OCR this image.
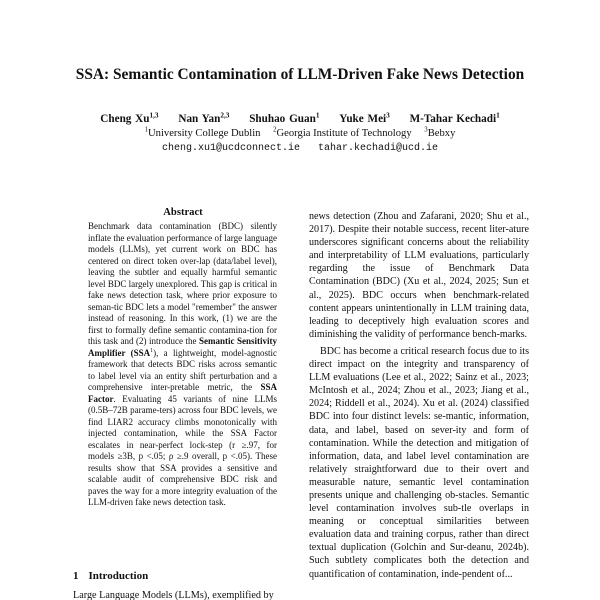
SSA: Semantic Contamination of LLM-Driven Fake News Detection
Cheng Xu$^{1,3}$ Nan Yan$^{2,3}$ Shuhao Guan$^1$ Yuke Mei$^3$ M-Tahar Kechadi$^1$
$^1$University College Dublin $^2$Georgia Institute of Technology $^3$Bebxy
cheng.xu1@ucdconnect.ie tahar.kechadi@ucd.ie
Abstract
Benchmark data contamination (BDC) silently inflate the evaluation performance of large language models (LLMs), yet current work on BDC has centered on direct token over-lap (data/label level), leaving the subtler and equally harmful semantic level BDC largely unexplored. This gap is critical in fake news detection task, where prior exposure to seman-tic BDC lets a model "remember" the answer instead of reasoning. In this work, (1) we are the first to formally define semantic contamina-tion for this task and (2) introduce the Semantic Sensitivity Amplifier (SSA$^1$), a lightweight, model-agnostic framework that detects BDC risks across semantic to label level via an entity shift perturbation and a comprehensive inter-pretable metric, the SSA Factor. Evaluating 45 variants of nine LLMs (0.5B–72B parame-ters) across four BDC levels, we find LIAR2 accuracy climbs monotonically with injected contamination, while the SSA Factor escalates in near-perfect lock-step (r ≥.97, for models ≥3B, p <.05; ρ ≥.9 overall, p <.05). These results show that SSA provides a sensitive and scalable audit of comprehensive BDC risk and paves the way for a more integrity evaluation of the LLM-driven fake news detection task.
1 Introduction
Large Language Models (LLMs), exemplified by

news detection (Zhou and Zafarani, 2020; Shu et al., 2017). Despite their notable success, recent liter-ature underscores significant concerns about the reliability and interpretability of LLM evaluations, particularly regarding the issue of Benchmark Data Contamination (BDC) (Xu et al., 2024, 2025; Sun et al., 2025). BDC occurs when benchmark-related content appears unintentionally in LLM training data, leading to deceptively high evaluation scores and diminishing the validity of performance bench-marks.

BDC has become a critical research focus due to its direct impact on the integrity and transparency of LLM evaluations (Lee et al., 2022; Sainz et al., 2023; McIntosh et al., 2024; Zhou et al., 2023; Jiang et al., 2024; Riddell et al., 2024). Xu et al. (2024) classified BDC into four distinct levels: se-mantic, information, data, and label, based on sever-ity and form of contamination. While the detection and mitigation of information, data, and label level contamination are relatively straightforward due to their overt and measurable nature, semantic level contamination presents unique and challenging ob-stacles. Semantic level contamination involves sub-tle overlaps in meaning or conceptual similarities between evaluation data and training corpus, rather than direct textual duplication (Golchin and Sur-deanu, 2024b). Such subtlety complicates both the detection and quantification of contamination, inde-pendent of...
